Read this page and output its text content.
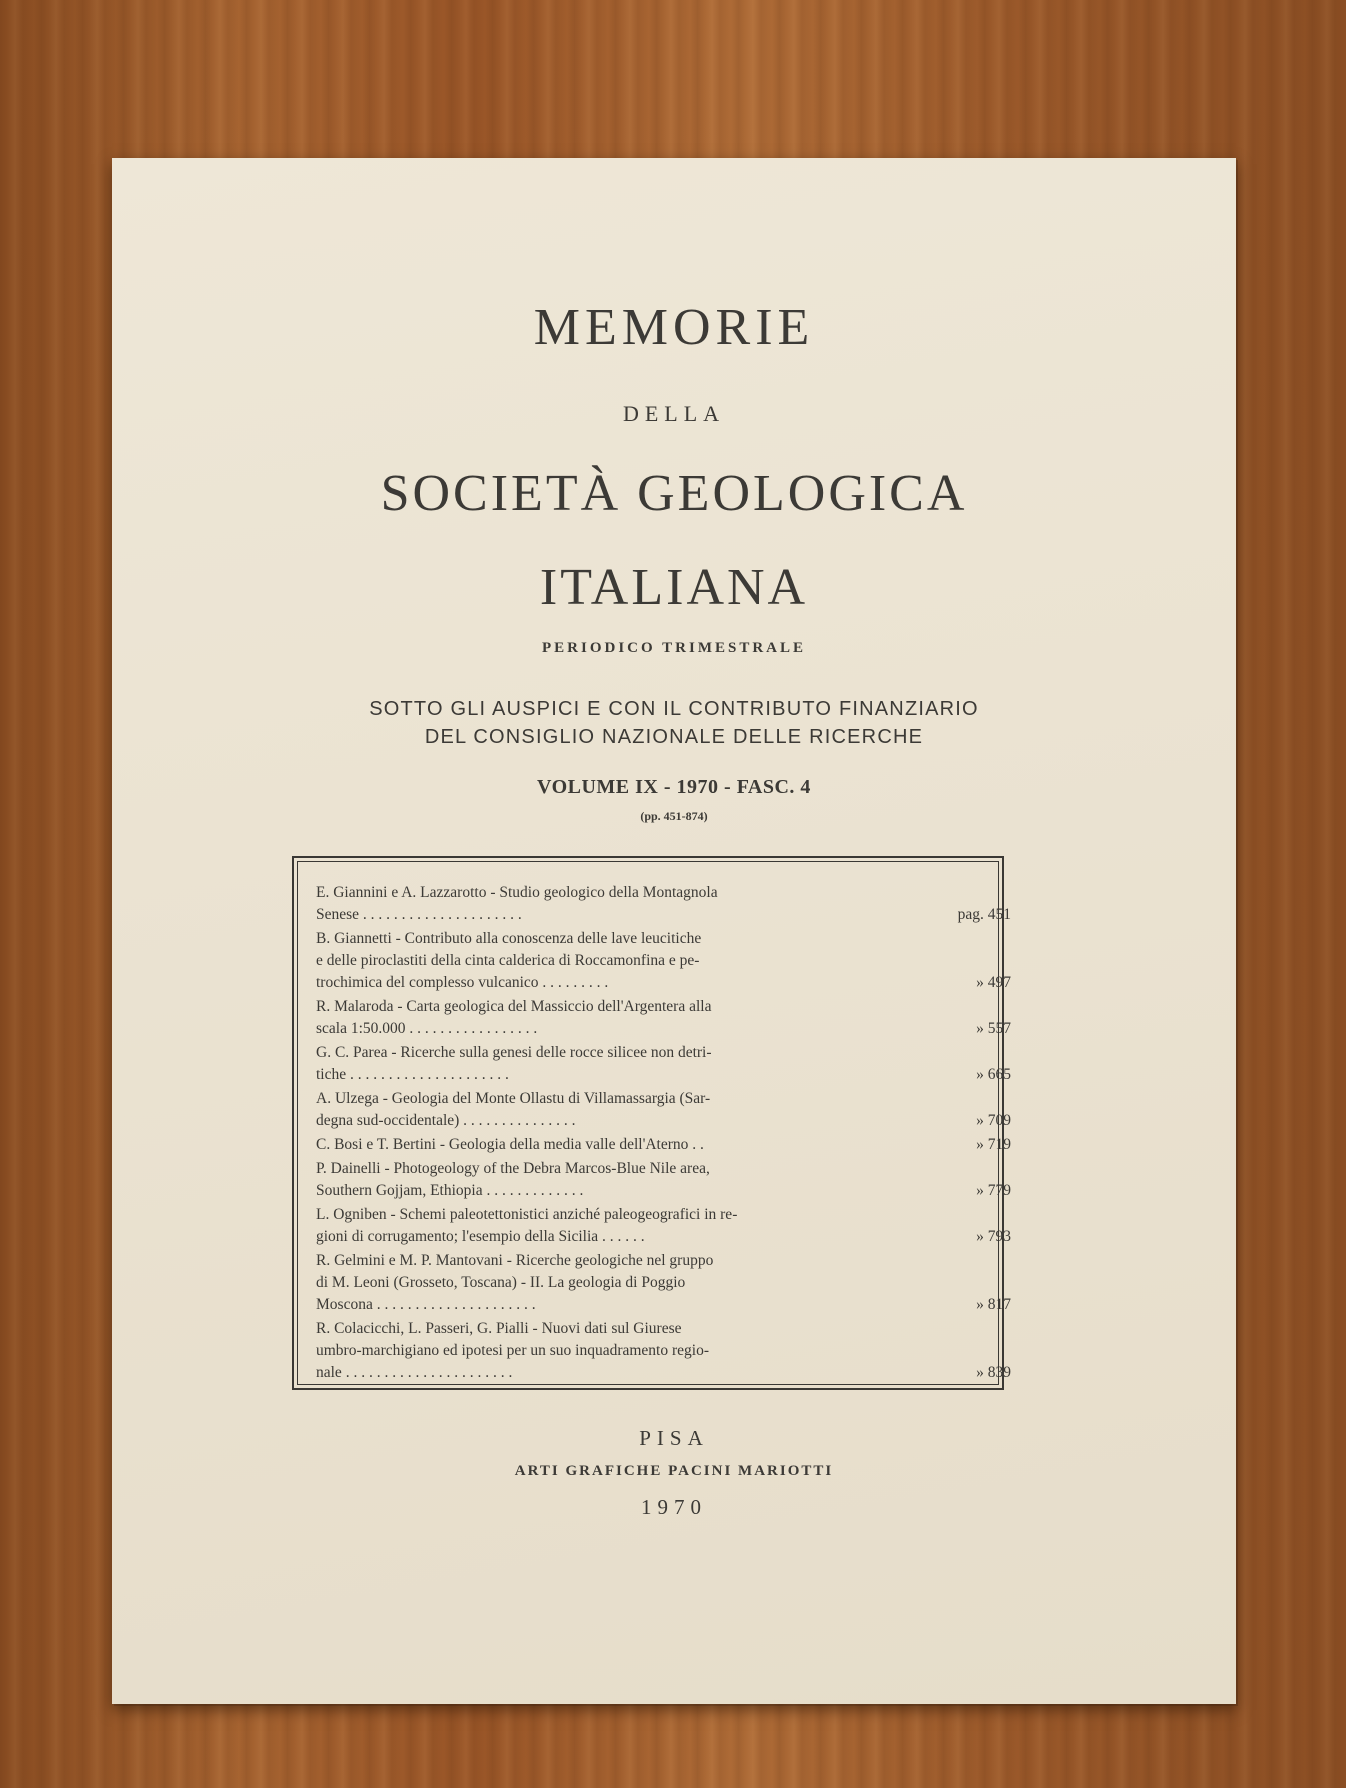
MEMORIE
DELLA
SOCIETÀ GEOLOGICA
ITALIANA
PERIODICO TRIMESTRALE
SOTTO GLI AUSPICI E CON IL CONTRIBUTO FINANZIARIO
DEL CONSIGLIO NAZIONALE DELLE RICERCHE
VOLUME IX - 1970 - FASC. 4
(pp. 451-874)
E. Giannini e A. Lazzarotto - Studio geologico della Montagnola
Senese . . . . . . . . . . . . . . . . . . . . .	pag. 451
B. Giannetti - Contributo alla conoscenza delle lave leucitiche
e delle piroclastiti della cinta calderica di Roccamonfina e pe-
trochimica del complesso vulcanico . . . . . . . . .	» 497
R. Malaroda - Carta geologica del Massiccio dell'Argentera alla
scala 1:50.000 . . . . . . . . . . . . . . . . .	» 557
G. C. Parea - Ricerche sulla genesi delle rocce silicee non detri-
tiche . . . . . . . . . . . . . . . . . . . . .	» 665
A. Ulzega - Geologia del Monte Ollastu di Villamassargia (Sar-
degna sud-occidentale) . . . . . . . . . . . . . . .	» 709
C. Bosi e T. Bertini - Geologia della media valle dell'Aterno . .	» 719
P. Dainelli - Photogeology of the Debra Marcos-Blue Nile area,
Southern Gojjam, Ethiopia . . . . . . . . . . . . .	» 779
L. Ogniben - Schemi paleotettonistici anziché paleogeografici in re-
gioni di corrugamento; l'esempio della Sicilia . . . . . .	» 793
R. Gelmini e M. P. Mantovani - Ricerche geologiche nel gruppo
di M. Leoni (Grosseto, Toscana) - II. La geologia di Poggio
Moscona . . . . . . . . . . . . . . . . . . . . .	» 817
R. Colacicchi, L. Passeri, G. Pialli - Nuovi dati sul Giurese
umbro-marchigiano ed ipotesi per un suo inquadramento regio-
nale . . . . . . . . . . . . . . . . . . . . . .	» 839
PISA
ARTI GRAFICHE PACINI MARIOTTI
1970
